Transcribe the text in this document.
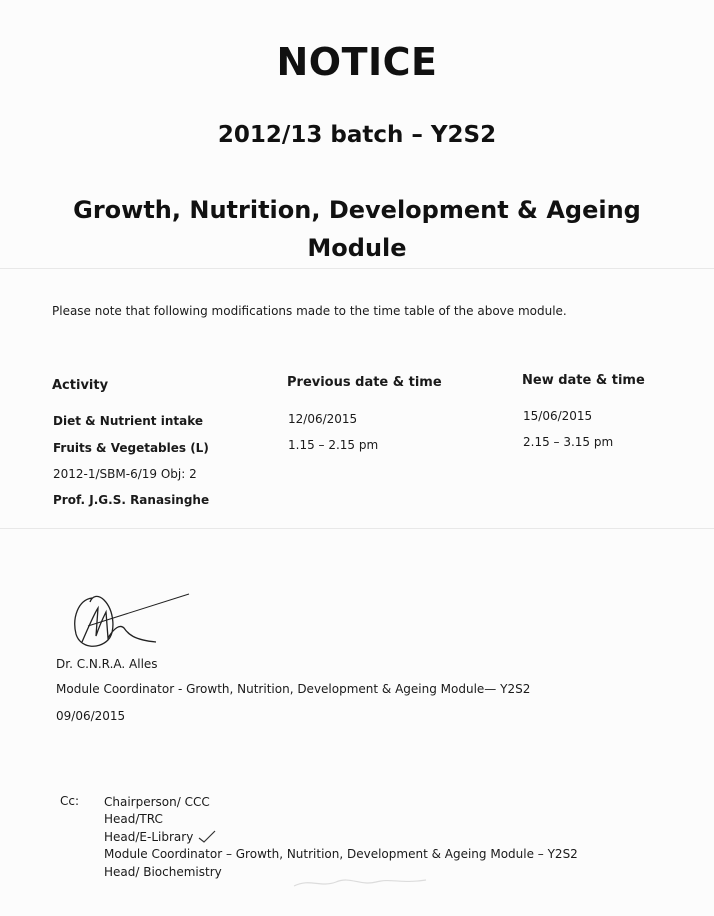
NOTICE
2012/13 batch – Y2S2
Growth, Nutrition, Development & Ageing
Module
Please note that following modifications made to the time table of the above module.
Activity	Previous date & time	New date & time
Diet & Nutrient intake
Fruits & Vegetables (L)
2012-1/SBM-6/19 Obj: 2
Prof. J.G.S. Ranasinghe
12/06/2015
1.15 – 2.15 pm
15/06/2015
2.15 – 3.15 pm
Dr. C.N.R.A. Alles
Module Coordinator - Growth, Nutrition, Development & Ageing Module— Y2S2
09/06/2015
Cc: Chairperson/ CCC
Head/TRC
Head/E-Library
Module Coordinator – Growth, Nutrition, Development & Ageing Module – Y2S2
Head/ Biochemistry
